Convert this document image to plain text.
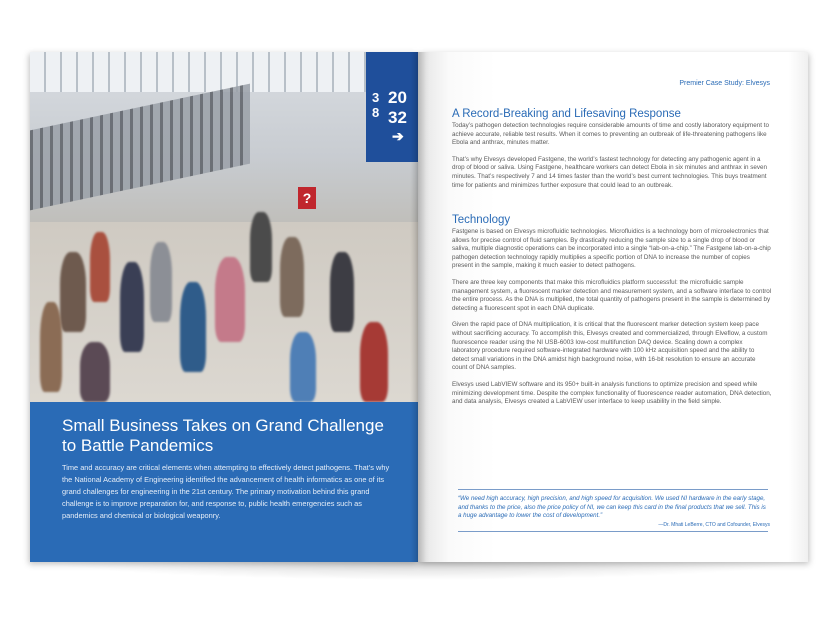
?
3
8
20
32
➔
Small Business Takes on Grand Challenge to Battle Pandemics

Time and accuracy are critical elements when attempting to effectively detect pathogens. That’s why the National Academy of Engineering identified the advancement of health informatics as one of its grand challenges for engineering in the 21st century. The primary motivation behind this grand challenge is to improve preparation for, and response to, public health emergencies such as pandemics and chemical or biological weaponry.

Premier Case Study: Elvesys
A Record-Breaking and Lifesaving Response

Today’s pathogen detection technologies require considerable amounts of time and costly laboratory equipment to achieve accurate, reliable test results. When it comes to preventing an outbreak of life-threatening pathogens like Ebola and anthrax, minutes matter.

That’s why Elvesys developed Fastgene, the world’s fastest technology for detecting any pathogenic agent in a drop of blood or saliva. Using Fastgene, healthcare workers can detect Ebola in six minutes and anthrax in seven minutes. That’s respectively 7 and 14 times faster than the world’s best current technologies. This buys treatment time for patients and minimizes further exposure that could lead to an outbreak.

Technology

Fastgene is based on Elvesys microfluidic technologies. Microfluidics is a technology born of microelectronics that allows for precise control of fluid samples. By drastically reducing the sample size to a single drop of blood or saliva, multiple diagnostic operations can be incorporated into a single “lab-on-a-chip.” The Fastgene lab-on-a-chip pathogen detection technology rapidly multiplies a specific portion of DNA to increase the number of copies present in the sample, making it much easier to detect pathogens.

There are three key components that make this microfluidics platform successful: the microfluidic sample management system, a fluorescent marker detection and measurement system, and a software interface to control the entire process. As the DNA is multiplied, the total quantity of pathogens present in the sample is determined by detecting a fluorescent spot in each DNA duplicate.

Given the rapid pace of DNA multiplication, it is critical that the fluorescent marker detection system keep pace without sacrificing accuracy. To accomplish this, Elvesys created and commercialized, through Elveflow, a custom fluorescence reader using the NI USB-6003 low-cost multifunction DAQ device. Scaling down a complex laboratory procedure required software-integrated hardware with 100 kHz acquisition speed and the ability to detect small variations in the DNA amidst high background noise, with 16-bit resolution to ensure an accurate count of DNA samples.

Elvesys used LabVIEW software and its 950+ built-in analysis functions to optimize precision and speed while minimizing development time. Despite the complex functionality of fluorescence reader automation, DNA detection, and data analysis, Elvesys created a LabVIEW user interface to keep usability in the field simple.

“We need high accuracy, high precision, and high speed for acquisition. We used NI hardware in the early stage, and thanks to the price, also the price policy of NI, we can keep this card in the final products that we sell. This is a huge advantage to lower the cost of development.”

—Dr. Mhati LeBerre, CTO and Cofounder, Elvesys
